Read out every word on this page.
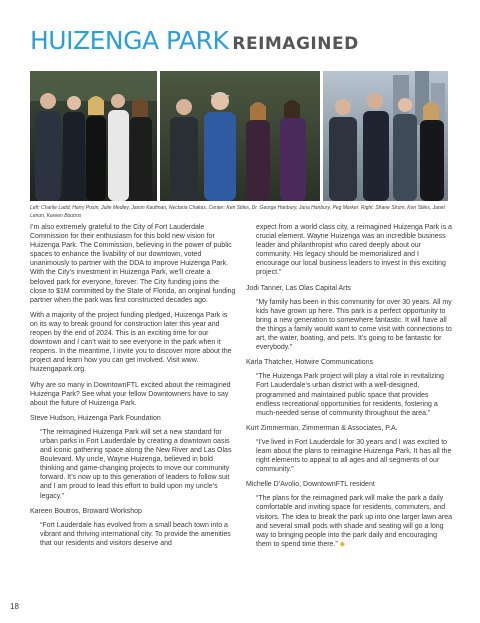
HUIZENGA PARK REIMAGINED
Left: Charlie Ladd, Harry Posin, Julie Medley, Jason Kaufman, Nectaria Chakas. Center: Ken Stiles, Dr. George Hanbury, Jana Hanbury, Peg Marker. Right: Shane Strum, Ken Stiles, Janet Lenon, Kareen Boutros

I’m also extremely grateful to the City of Fort Lauderdale Commission for their enthusiasm for this bold new vision for Huizenga Park. The Commission, believing in the power of public spaces to enhance the livability of our downtown, voted unanimously to partner with the DDA to improve Huizenga Park. With the City’s investment in Huizenga Park, we’ll create a beloved park for everyone, forever. The City funding joins the close to $1M committed by the State of Florida, an original funding partner when the park was first constructed decades ago.

With a majority of the project funding pledged, Huizenga Park is on its way to break ground for construction later this year and reopen by the end of 2024. This is an exciting time for our downtown and I can’t wait to see everyone in the park when it reopens. In the meantime, I invite you to discover more about the project and learn how you can get involved. Visit www. huizengapark.org.

Why are so many in DowntownFTL excited about the reimagined Huizenga Park? See what your fellow Downtowners have to say about the future of Huizenga Park.

Steve Hudson, Huizenga Park Foundation

“The reimagined Huizenga Park will set a new standard for urban parks in Fort Lauderdale by creating a downtown oasis and iconic gathering space along the New River and Las Olas Boulevard. My uncle, Wayne Huizenga, believed in bold thinking and game-changing projects to move our community forward. It’s now up to this generation of leaders to follow suit and I am proud to lead this effort to build upon my uncle’s legacy.”

Kareen Boutros, Broward Workshop

“Fort Lauderdale has evolved from a small beach town into a vibrant and thriving international city. To provide the amenities that our residents and visitors deserve and

expect from a world class city, a reimagined Huizenga Park is a crucial element. Wayne Huizenga was an incredible business leader and philanthropist who cared deeply about our community. His legacy should be memorialized and I encourage our local business leaders to invest in this exciting project.”

Jodi Tanner, Las Olas Capital Arts

“My family has been in this community for over 30 years. All my kids have grown up here. This park is a perfect opportunity to bring a new generation to somewhere fantastic. It will have all the things a family would want to come visit with connections to art, the water, boating, and pets. It’s going to be fantastic for everybody.”

Karla Thatcher, Hotwire Communications

“The Huizenga Park project will play a vital role in revitalizing Fort Lauderdale’s urban district with a well-designed, programmed and maintained public space that provides endless recreational opportunities for residents, fostering a much-needed sense of community throughout the area.”

Kurt Zimmerman, Zimmerman & Associates, P.A.

“I’ve lived in Fort Lauderdale for 30 years and I was excited to learn about the plans to reimagine Huizenga Park. It has all the right elements to appeal to all ages and all segments of our community.”

Michelle D’Avolio, DowntownFTL resident

“The plans for the reimagined park will make the park a daily comfortable and inviting space for residents, commuters, and visitors. The idea to break the park up into one larger lawn area and several small pods with shade and seating will go a long way to bringing people into the park daily and encouraging them to spend time there.” ◆

18
